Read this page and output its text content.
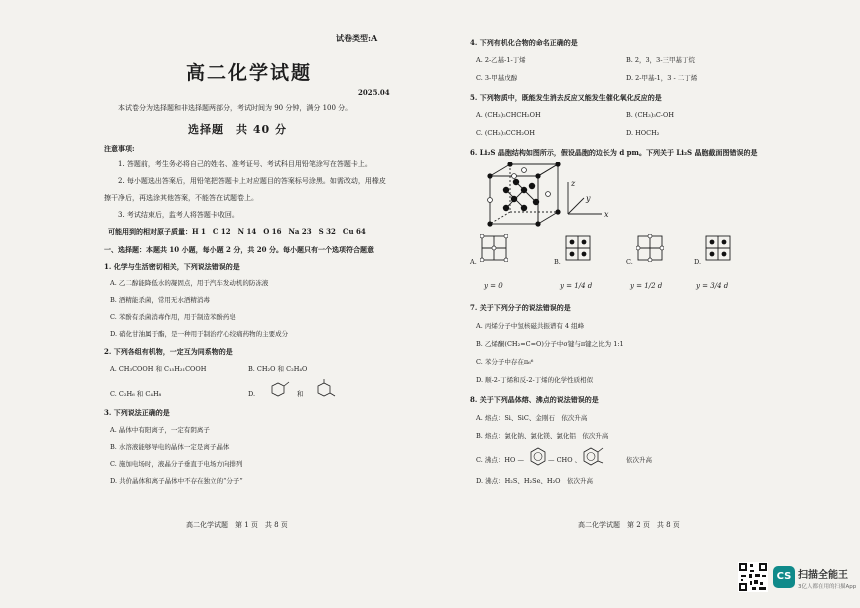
试卷类型:A
高二化学试题
2025.04
本试卷分为选择题和非选择题两部分，考试时间为 90 分钟，满分 100 分。
选择题　共 40 分
注意事项:
1. 答题前，考生务必将自己的姓名、准考证号、考试科目用铅笔涂写在答题卡上。
2. 每小题选出答案后，用铅笔把答题卡上对应题目的答案标号涂黑。如需改动，用橡皮
擦干净后，再选涂其他答案，不能答在试题卷上。
3. 考试结束后，监考人将答题卡收回。
可能用到的相对原子质量：H 1　C 12　N 14　O 16　Na 23　S 32　Cu 64
一、选择题：本题共 10 小题，每小题 2 分，共 20 分。每小题只有一个选项符合题意
1. 化学与生活密切相关，下列说法错误的是
A. 乙二醇能降低水的凝固点，用于汽车发动机的防冻液
B. 酒精能杀菌，常用无水酒精消毒
C. 苯酚有杀菌消毒作用，用于制造苯酚药皂
D. 硝化甘油属于酯，是一种用于制治疗心绞痛药物的主要成分
2. 下列各组有机物，一定互为同系物的是
A. CH₃COOH 和 C₁₅H₃₁COOH	B. CH₂O 和 C₂H₄O
C. C₂H₆ 和 C₄H₈	D.	和
3. 下列说法正确的是
A. 晶体中有阳离子，一定有阴离子
B. 水溶液能够导电的晶体一定是离子晶体
C. 施加电场时，液晶分子垂直于电场方向排列
D. 共价晶体和离子晶体中不存在独立的“分子”
高二化学试题　第 1 页　共 8 页
4. 下列有机化合物的命名正确的是
A. 2-乙基-1-丁烯	B. 2，3，3-三甲基丁烷
C. 3-甲基戊醇	D. 2-甲基-1，3 - 二丁烯
5. 下列物质中，既能发生消去反应又能发生催化氧化反应的是
A. (CH₃)₂CHCH₂OH	B. (CH₃)₃C-OH
C. (CH₃)₃CCH₂OH	D. HOCH₂
6. Li₂S 晶胞结构如图所示，假设晶胞的边长为 d pm。下列关于 Li₂S 晶胞截面图错误的是
z
y
x
A.	B.	C.	D.
y = 0	y = 1/4 d	y = 1/2 d	y = 3/4 d
7. 关于下列分子的说法错误的是
A. 丙烯分子中氢核磁共振谱有 4 组峰
B. 乙烯酮(CH₂=C=O)分子中σ键与π键之比为 1:1
C. 苯分子中存在π₆⁶
D. 顺-2-丁烯和反-2-丁烯的化学性质相似
8. 关于下列晶体熔、沸点的说法错误的是
A. 熔点：Si、SiC、金刚石　依次升高
B. 熔点：氯化钠、氯化镁、氯化铝　依次升高
C. 沸点：HO —	— CHO 、	依次升高
D. 沸点：H₂S、H₂Se、H₂O　依次升高
高二化学试题　第 2 页　共 8 页
CS 扫描全能王
3亿人都在用的扫描App
